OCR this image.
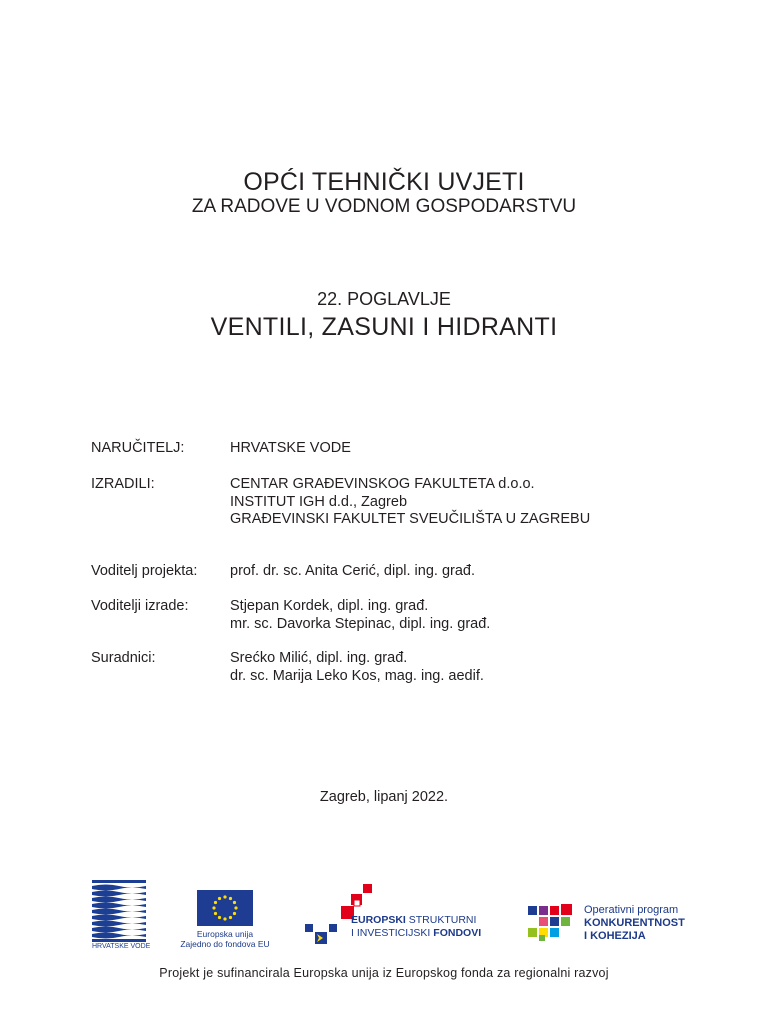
OPĆI TEHNIČKI UVJETI
ZA RADOVE U VODNOM GOSPODARSTVU
22. POGLAVLJE
VENTILI, ZASUNI I HIDRANTI
NARUČITELJ:	HRVATSKE VODE
IZRADILI:	CENTAR GRAĐEVINSKOG FAKULTETA d.o.o.
INSTITUT IGH d.d., Zagreb
GRAĐEVINSKI FAKULTET SVEUČILIŠTA U ZAGREBU
Voditelj projekta: prof. dr. sc. Anita Cerić, dipl. ing. građ.
Voditelji izrade:	Stjepan Kordek, dipl. ing. građ.
mr. sc. Davorka Stepinac, dipl. ing. građ.
Suradnici:	Srećko Milić, dipl. ing. građ.
dr. sc. Marija Leko Kos, mag. ing. aedif.
Zagreb, lipanj 2022.
HRVATSKE VODE
Europska unija
Zajedno do fondova EU
EUROPSKI STRUKTURNI
I INVESTICIJSKI FONDOVI
Operativni program
KONKURENTNOST
I KOHEZIJA
Projekt je sufinancirala Europska unija iz Europskog fonda za regionalni razvoj
